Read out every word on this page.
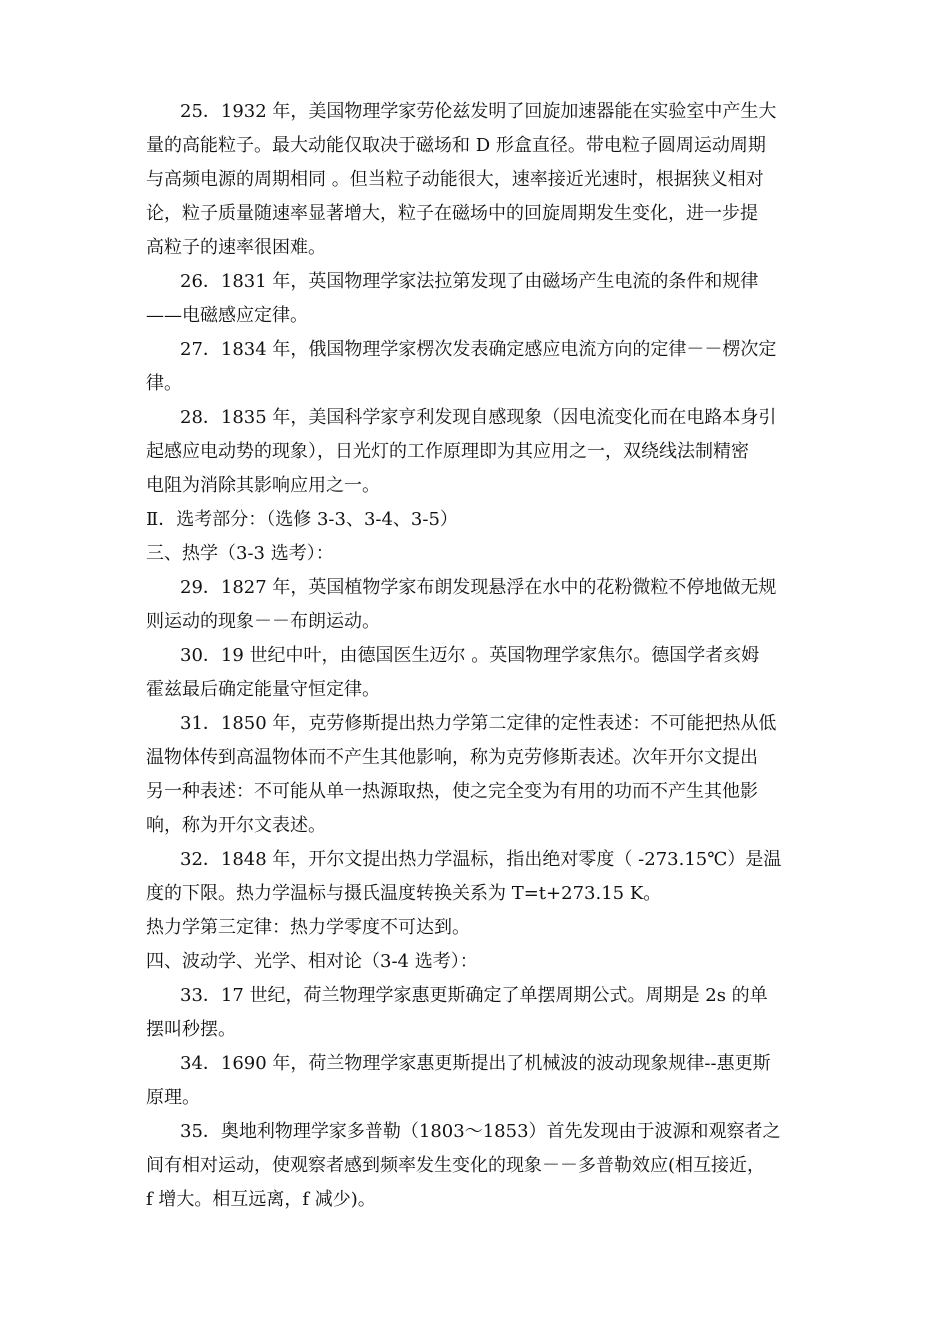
25．1932 年，美国物理学家劳伦兹发明了回旋加速器能在实验室中产生大
量的高能粒子。最大动能仅取决于磁场和 D 形盒直径。带电粒子圆周运动周期
与高频电源的周期相同 。但当粒子动能很大，速率接近光速时，根据狭义相对
论，粒子质量随速率显著增大，粒子在磁场中的回旋周期发生变化，进一步提
高粒子的速率很困难。
26．1831 年，英国物理学家法拉第发现了由磁场产生电流的条件和规律
——电磁感应定律。
27．1834 年，俄国物理学家楞次发表确定感应电流方向的定律－－楞次定
律。
28．1835 年，美国科学家亨利发现自感现象（因电流变化而在电路本身引
起感应电动势的现象），日光灯的工作原理即为其应用之一，双绕线法制精密
电阻为消除其影响应用之一。
Ⅱ．选考部分：（选修 3-3、3-4、3-5）
三、热学（3-3 选考）：
29．1827 年，英国植物学家布朗发现悬浮在水中的花粉微粒不停地做无规
则运动的现象－－布朗运动。
30．19 世纪中叶，由德国医生迈尔 。英国物理学家焦尔。德国学者亥姆
霍兹最后确定能量守恒定律。
31．1850 年，克劳修斯提出热力学第二定律的定性表述：不可能把热从低
温物体传到高温物体而不产生其他影响，称为克劳修斯表述。次年开尔文提出
另一种表述：不可能从单一热源取热，使之完全变为有用的功而不产生其他影
响，称为开尔文表述。
32．1848 年，开尔文提出热力学温标，指出绝对零度（ -273.15℃）是温
度的下限。热力学温标与摄氏温度转换关系为 T=t+273.15 K。
热力学第三定律：热力学零度不可达到。
四、波动学、光学、相对论（3-4 选考）：
33．17 世纪，荷兰物理学家惠更斯确定了单摆周期公式。周期是 2s 的单
摆叫秒摆。
34．1690 年，荷兰物理学家惠更斯提出了机械波的波动现象规律--惠更斯
原理。
35．奥地利物理学家多普勒（1803～1853）首先发现由于波源和观察者之
间有相对运动，使观察者感到频率发生变化的现象－－多普勒效应(相互接近，
f 增大。相互远离，f 减少)。
